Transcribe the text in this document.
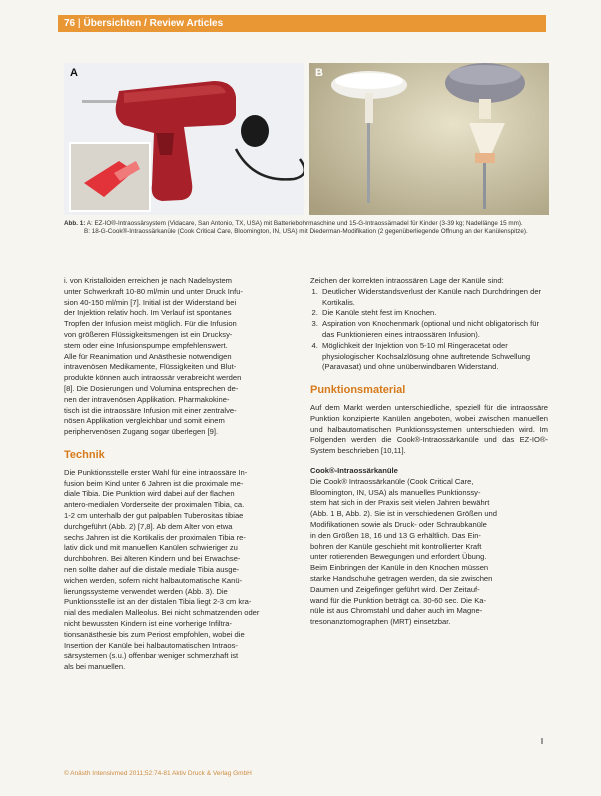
76 | Übersichten / Review Articles
A	B
Abb. 1: A: EZ-IO®-Intraossärsystem (Vidacare, San Antonio, TX, USA) mit Batteriebohrmaschine und 15-G-Intraossärnadel für Kinder (3-39 kg; Nadellänge 15 mm).
B: 18-G-Cook®-Intraossärkanüle (Cook Critical Care, Bloomington, IN, USA) mit Diederman-Modifikation (2 gegenüberliegende Öffnung an der Kanülenspitze).
i. von Kristalloiden erreichen je nach Nadelsystem
unter Schwerkraft 10-80 ml/min und unter Druck Infu-
sion 40-150 ml/min [7]. Initial ist der Widerstand bei
der Injektion relativ hoch. Im Verlauf ist spontanes
Tropfen der Infusion meist möglich. Für die Infusion
von größeren Flüssigkeitsmengen ist ein Drucksy-
stem oder eine Infusionspumpe empfehlenswert.
Alle für Reanimation und Anästhesie notwendigen
intravenösen Medikamente, Flüssigkeiten und Blut-
produkte können auch intraossär verabreicht werden
[8]. Die Dosierungen und Volumina entsprechen de-
nen der intravenösen Applikation. Pharmakokine-
tisch ist die intraossäre Infusion mit einer zentralve-
nösen Applikation vergleichbar und somit einem
periphervenösen Zugang sogar überlegen [9].
Technik
Die Punktionsstelle erster Wahl für eine intraossäre In-
fusion beim Kind unter 6 Jahren ist die proximale me-
diale Tibia. Die Punktion wird dabei auf der flachen
antero-medialen Vorderseite der proximalen Tibia, ca.
1-2 cm unterhalb der gut palpablen Tuberositas tibiae
durchgeführt (Abb. 2) [7,8]. Ab dem Alter von etwa
sechs Jahren ist die Kortikalis der proximalen Tibia re-
lativ dick und mit manuellen Kanülen schwieriger zu
durchbohren. Bei älteren Kindern und bei Erwachse-
nen sollte daher auf die distale mediale Tibia ausge-
wichen werden, sofern nicht halbautomatische Kanü-
lierungssysteme verwendet werden (Abb. 3). Die
Punktionsstelle ist an der distalen Tibia liegt 2-3 cm kra-
nial des medialen Malleolus. Bei nicht schmatzenden oder
nicht bewussten Kindern ist eine vorherige Infiltra-
tionsanästhesie bis zum Periost empfohlen, wobei die
Insertion der Kanüle bei halbautomatischen Intraos-
särsystemen (s.u.) offenbar weniger schmerzhaft ist
als bei manuellen.

Zeichen der korrekten intraossären Lage der Kanüle sind:

1. Deutlicher Widerstandsverlust der Kanüle nach Durchdringen der Kortikalis.
2. Die Kanüle steht fest im Knochen.
3. Aspiration von Knochenmark (optional und nicht obligatorisch für das Funktionieren eines intraossären Infusion).
4. Möglichkeit der Injektion von 5-10 ml Ringeracetat oder physiologischer Kochsalzlösung ohne auftretende Schwellung (Paravasat) und ohne unüberwindbaren Widerstand.
Punktionsmaterial

Auf dem Markt werden unterschiedliche, speziell für die intraossäre Punktion konzipierte Kanülen angeboten, wobei zwischen manuellen und halbautomatischen Punktionssystemen unterschieden wird. Im Folgenden werden die Cook®-Intraossärkanüle und das EZ-IO®-System beschrieben [10,11].

Cook®-Intraossärkanüle

Die Cook® Intraossärkanüle (Cook Critical Care,
Bloomington, IN, USA) als manuelles Punktionssy-
stem hat sich in der Praxis seit vielen Jahren bewährt
(Abb. 1 B, Abb. 2). Sie ist in verschiedenen Größen und
Modifikationen sowie als Druck- oder Schraubkanüle
in den Größen 18, 16 und 13 G erhältlich. Das Ein-
bohren der Kanüle geschieht mit kontrollierter Kraft
unter rotierenden Bewegungen und erfordert Übung.
Beim Einbringen der Kanüle in den Knochen müssen
starke Handschuhe getragen werden, da sie zwischen
Daumen und Zeigefinger geführt wird. Der Zeitauf-
wand für die Punktion beträgt ca. 30-60 sec. Die Ka-
nüle ist aus Chromstahl und daher auch im Magne-
tresonanztomographen (MRT) einsetzbar.
© Anästh Intensivmed 2011;52:74-81 Aktiv Druck & Verlag GmbH
